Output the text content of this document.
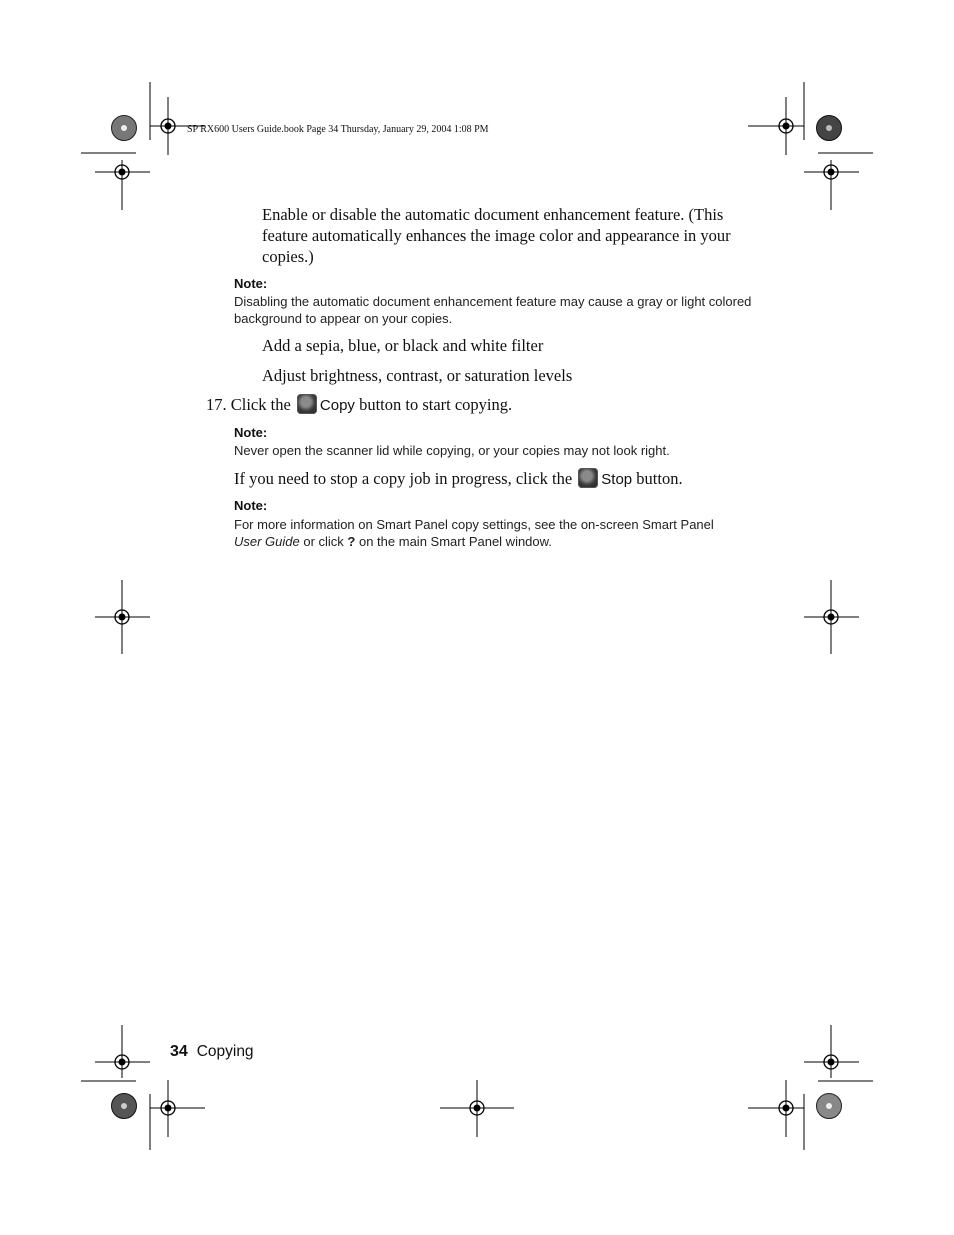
SP RX600 Users Guide.book Page 34 Thursday, January 29, 2004 1:08 PM
Enable or disable the automatic document enhancement feature. (This feature automatically enhances the image color and appearance in your copies.)
Note:
Disabling the automatic document enhancement feature may cause a gray or light colored background to appear on your copies.
Add a sepia, blue, or black and white filter
Adjust brightness, contrast, or saturation levels
17. Click the Copy button to start copying.
Note:
Never open the scanner lid while copying, or your copies may not look right.
If you need to stop a copy job in progress, click the Stop button.
Note:
For more information on Smart Panel copy settings, see the on-screen Smart Panel
User Guide or click ? on the main Smart Panel window.
34 Copying
